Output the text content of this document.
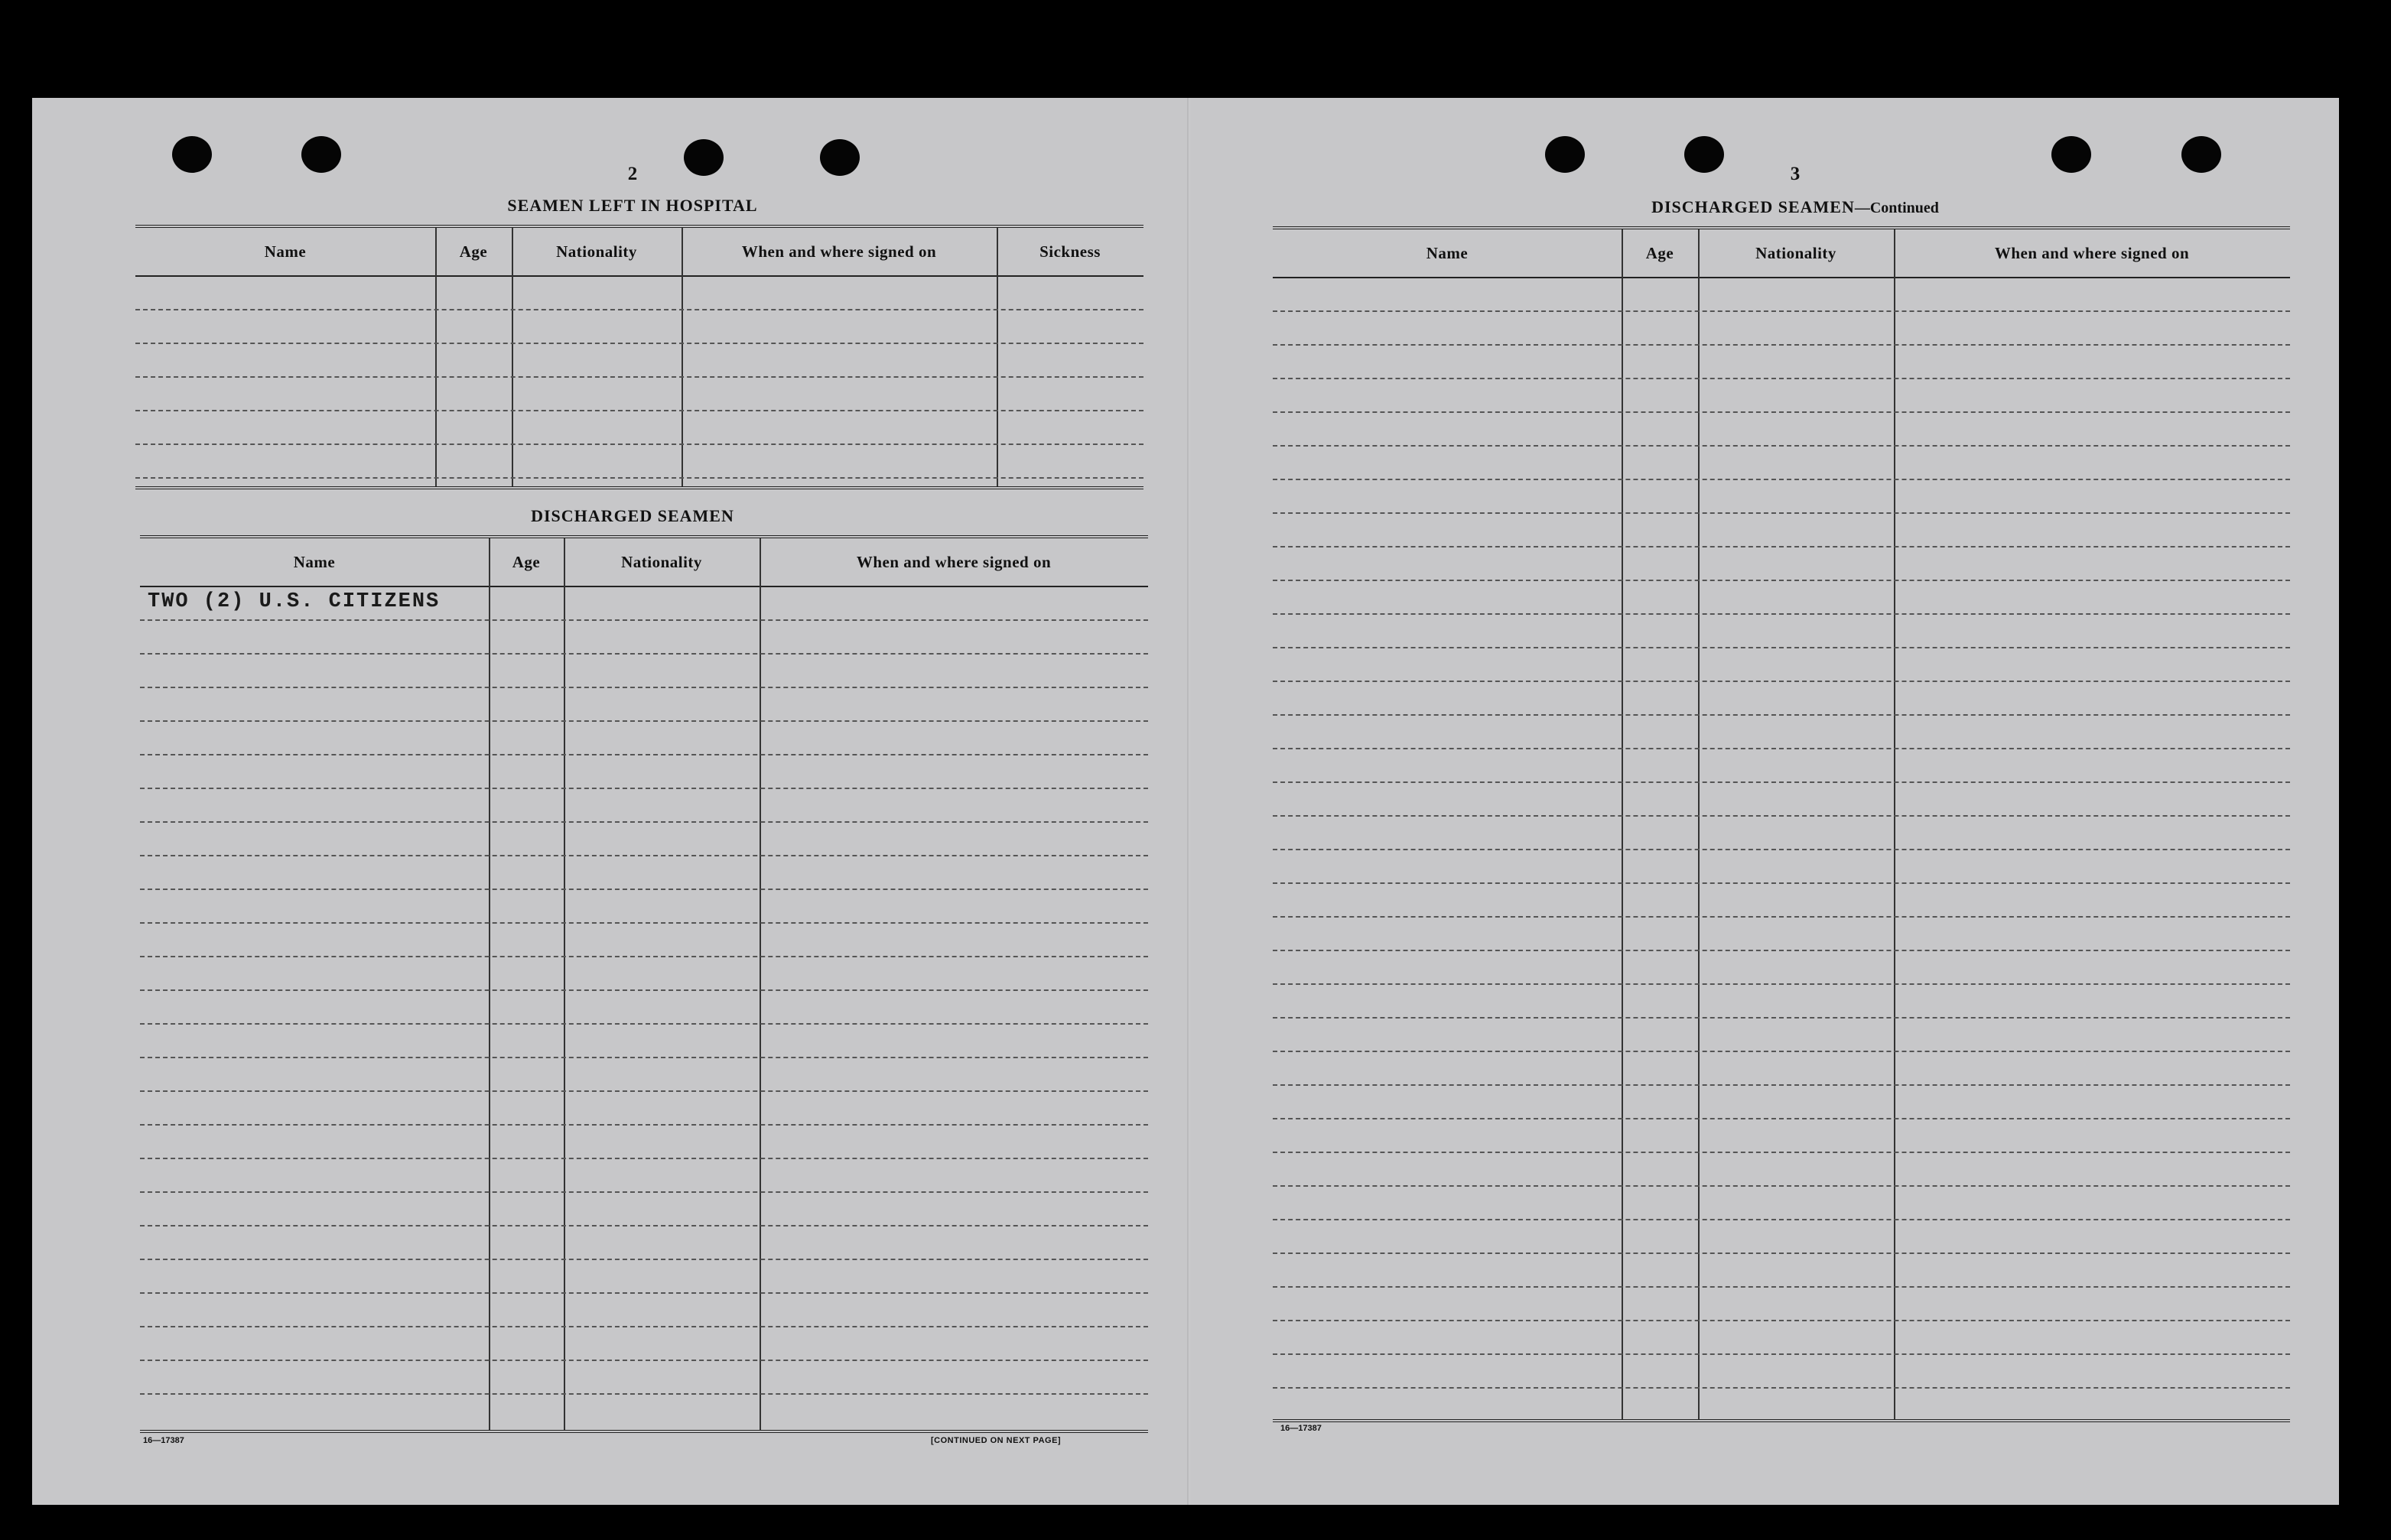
2
SEAMEN LEFT IN HOSPITAL
Name	Age	Nationality	When and where signed on	Sickness
DISCHARGED SEAMEN
Name	Age	Nationality	When and where signed on
TWO (2) U.S. CITIZENS
16—17387	[CONTINUED ON NEXT PAGE]
3
DISCHARGED SEAMEN—Continued
Name	Age	Nationality	When and where signed on
16—17387
